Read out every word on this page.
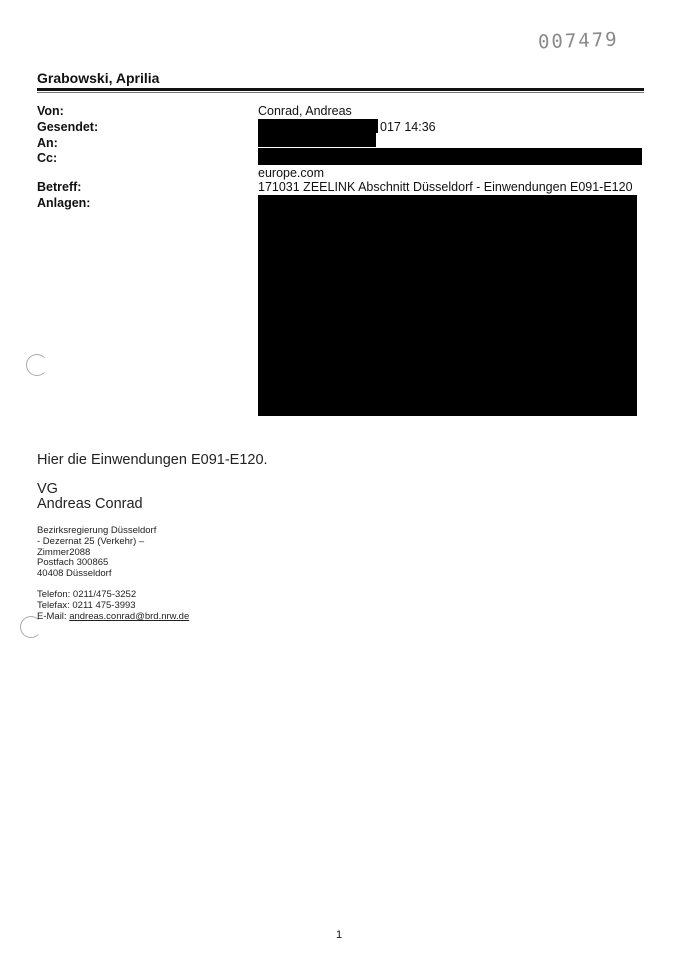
007479
Grabowski, Aprilia
Von:
Gesendet:
An:
Cc:
Betreff:
Anlagen:
Conrad, Andreas
017 14:36
europe.com
171031 ZEELINK Abschnitt Düsseldorf - Einwendungen E091-E120
Hier die Einwendungen E091-E120.
VG
Andreas Conrad
Bezirksregierung Düsseldorf
- Dezernat 25 (Verkehr) –
Zimmer2088
Postfach 300865
40408 Düsseldorf
Telefon: 0211/475-3252
Telefax: 0211 475-3993
E-Mail: andreas.conrad@brd.nrw.de
1
